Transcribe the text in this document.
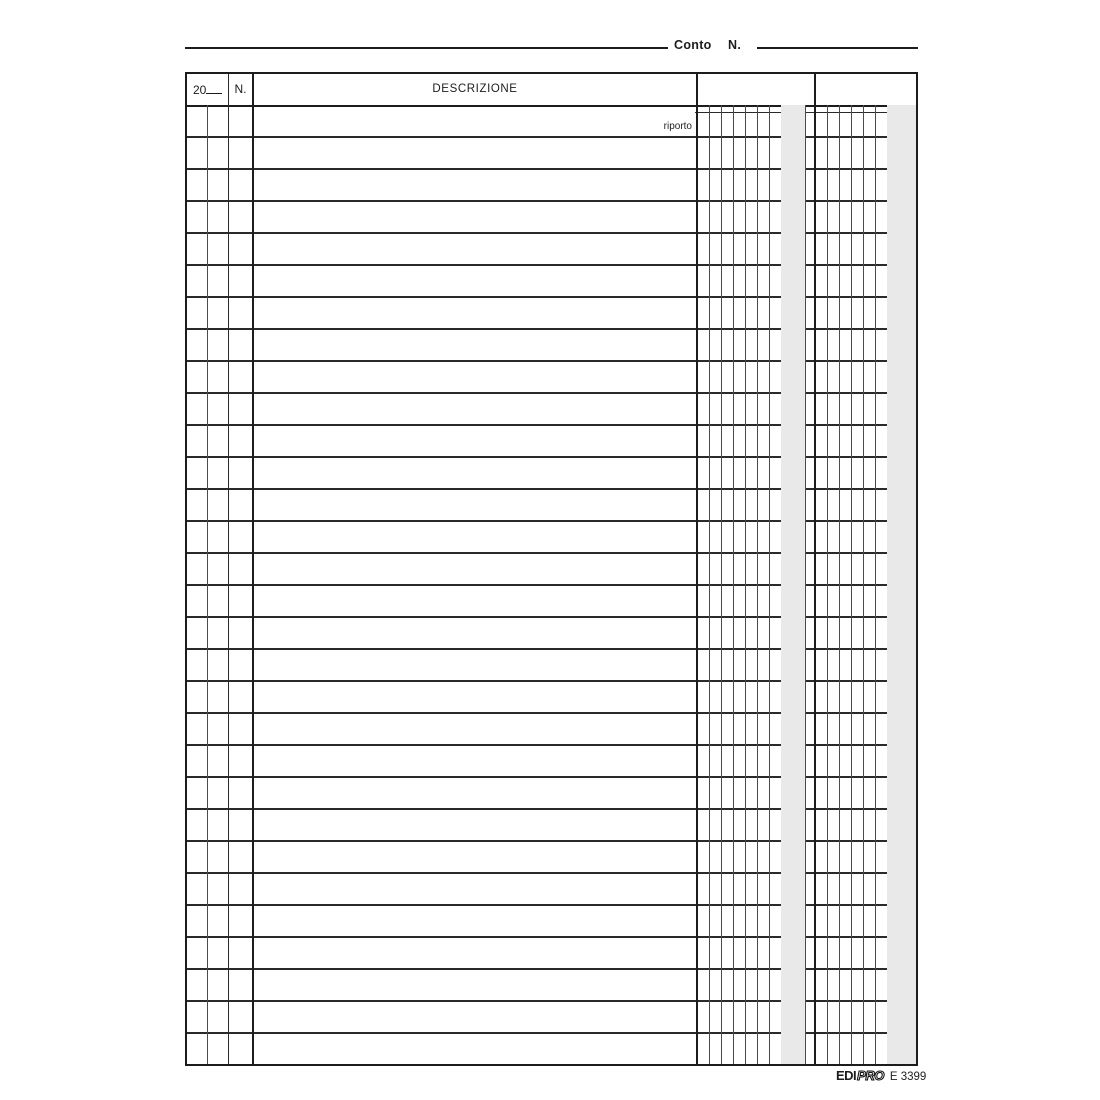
Conto N.
20	N.	DESCRIZIONE
riporto
EDI PRO E 3399
